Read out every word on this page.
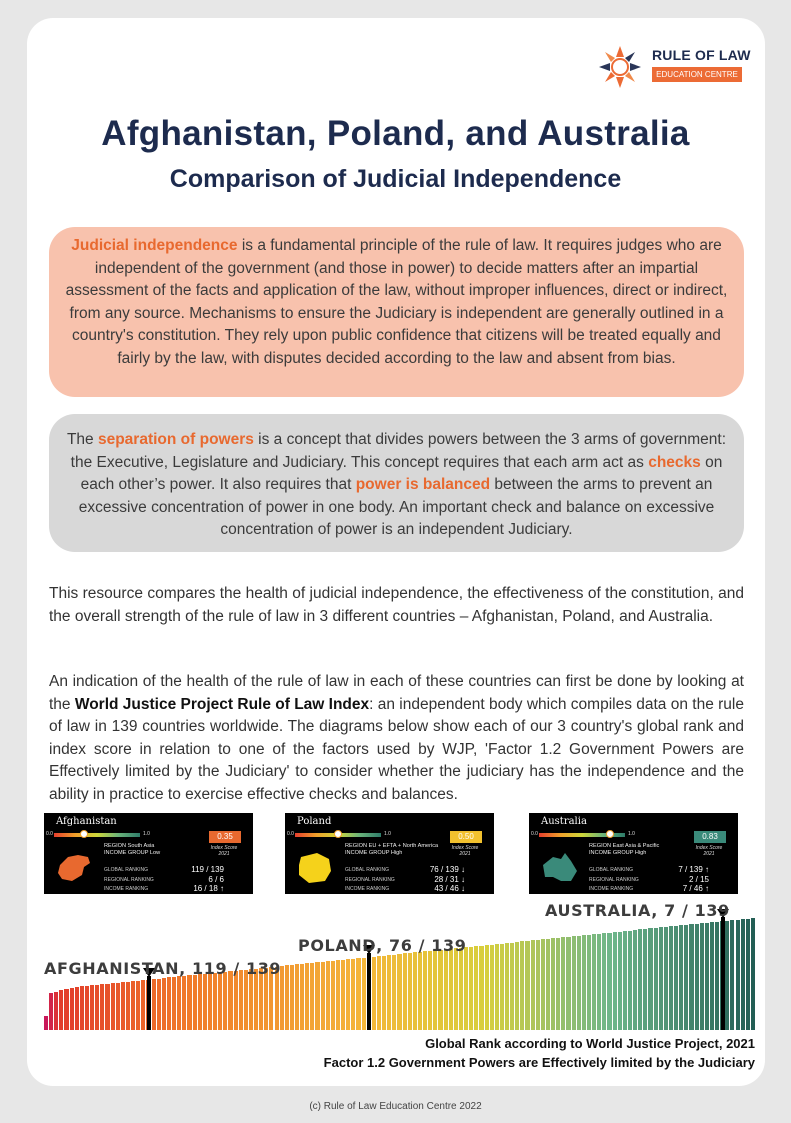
RULE OF LAW
EDUCATION CENTRE
Afghanistan, Poland, and Australia
Comparison of Judicial Independence
Judicial independence is a fundamental principle of the rule of law. It requires judges who are independent of the government (and those in power) to decide matters after an impartial assessment of the facts and application of the law, without improper influences, direct or indirect, from any source. Mechanisms to ensure the Judiciary is independent are generally outlined in a country's constitution. They rely upon public confidence that citizens will be treated equally and fairly by the law, with disputes decided according to the law and absent from bias.
The separation of powers is a concept that divides powers between the 3 arms of government: the Executive, Legislature and Judiciary. This concept requires that each arm act as checks on each other’s power. It also requires that power is balanced between the arms to prevent an excessive concentration of power in one body. An important check and balance on excessive concentration of power is an independent Judiciary.
This resource compares the health of judicial independence, the effectiveness of the constitution, and the overall strength of the rule of law in 3 different countries – Afghanistan, Poland, and Australia.
An indication of the health of the rule of law in each of these countries can first be done by looking at the World Justice Project Rule of Law Index: an independent body which compiles data on the rule of law in 139 countries worldwide. The diagrams below show each of our 3 country's global rank and index score in relation to one of the factors used by WJP, 'Factor 1.2 Government Powers are Effectively limited by the Judiciary' to consider whether the judiciary has the independence and the ability in practice to exercise effective checks and balances.
Afghanistan
0.0	1.0	0.35
Index Score 2021
REGION South Asia
INCOME GROUP Low
GLOBAL RANKING	119 / 139
REGIONAL RANKING	6 / 6
INCOME RANKING	16 / 18 ↑
Poland
0.0	1.0	0.50
Index Score 2021
REGION EU + EFTA + North America
INCOME GROUP High
GLOBAL RANKING	76 / 139 ↓
REGIONAL RANKING	28 / 31 ↓
INCOME RANKING	43 / 46 ↓
Australia
0.0	1.0	0.83
Index Score 2021
REGION East Asia & Pacific
INCOME GROUP High
GLOBAL RANKING	7 / 139 ↑
REGIONAL RANKING	2 / 15
INCOME RANKING	7 / 46 ↑
AFGHANISTAN, 119 / 139
POLAND, 76 / 139
AUSTRALIA, 7 / 139
Global Rank according to World Justice Project, 2021
Factor 1.2 Government Powers are Effectively limited by the Judiciary
(c) Rule of Law Education Centre 2022
